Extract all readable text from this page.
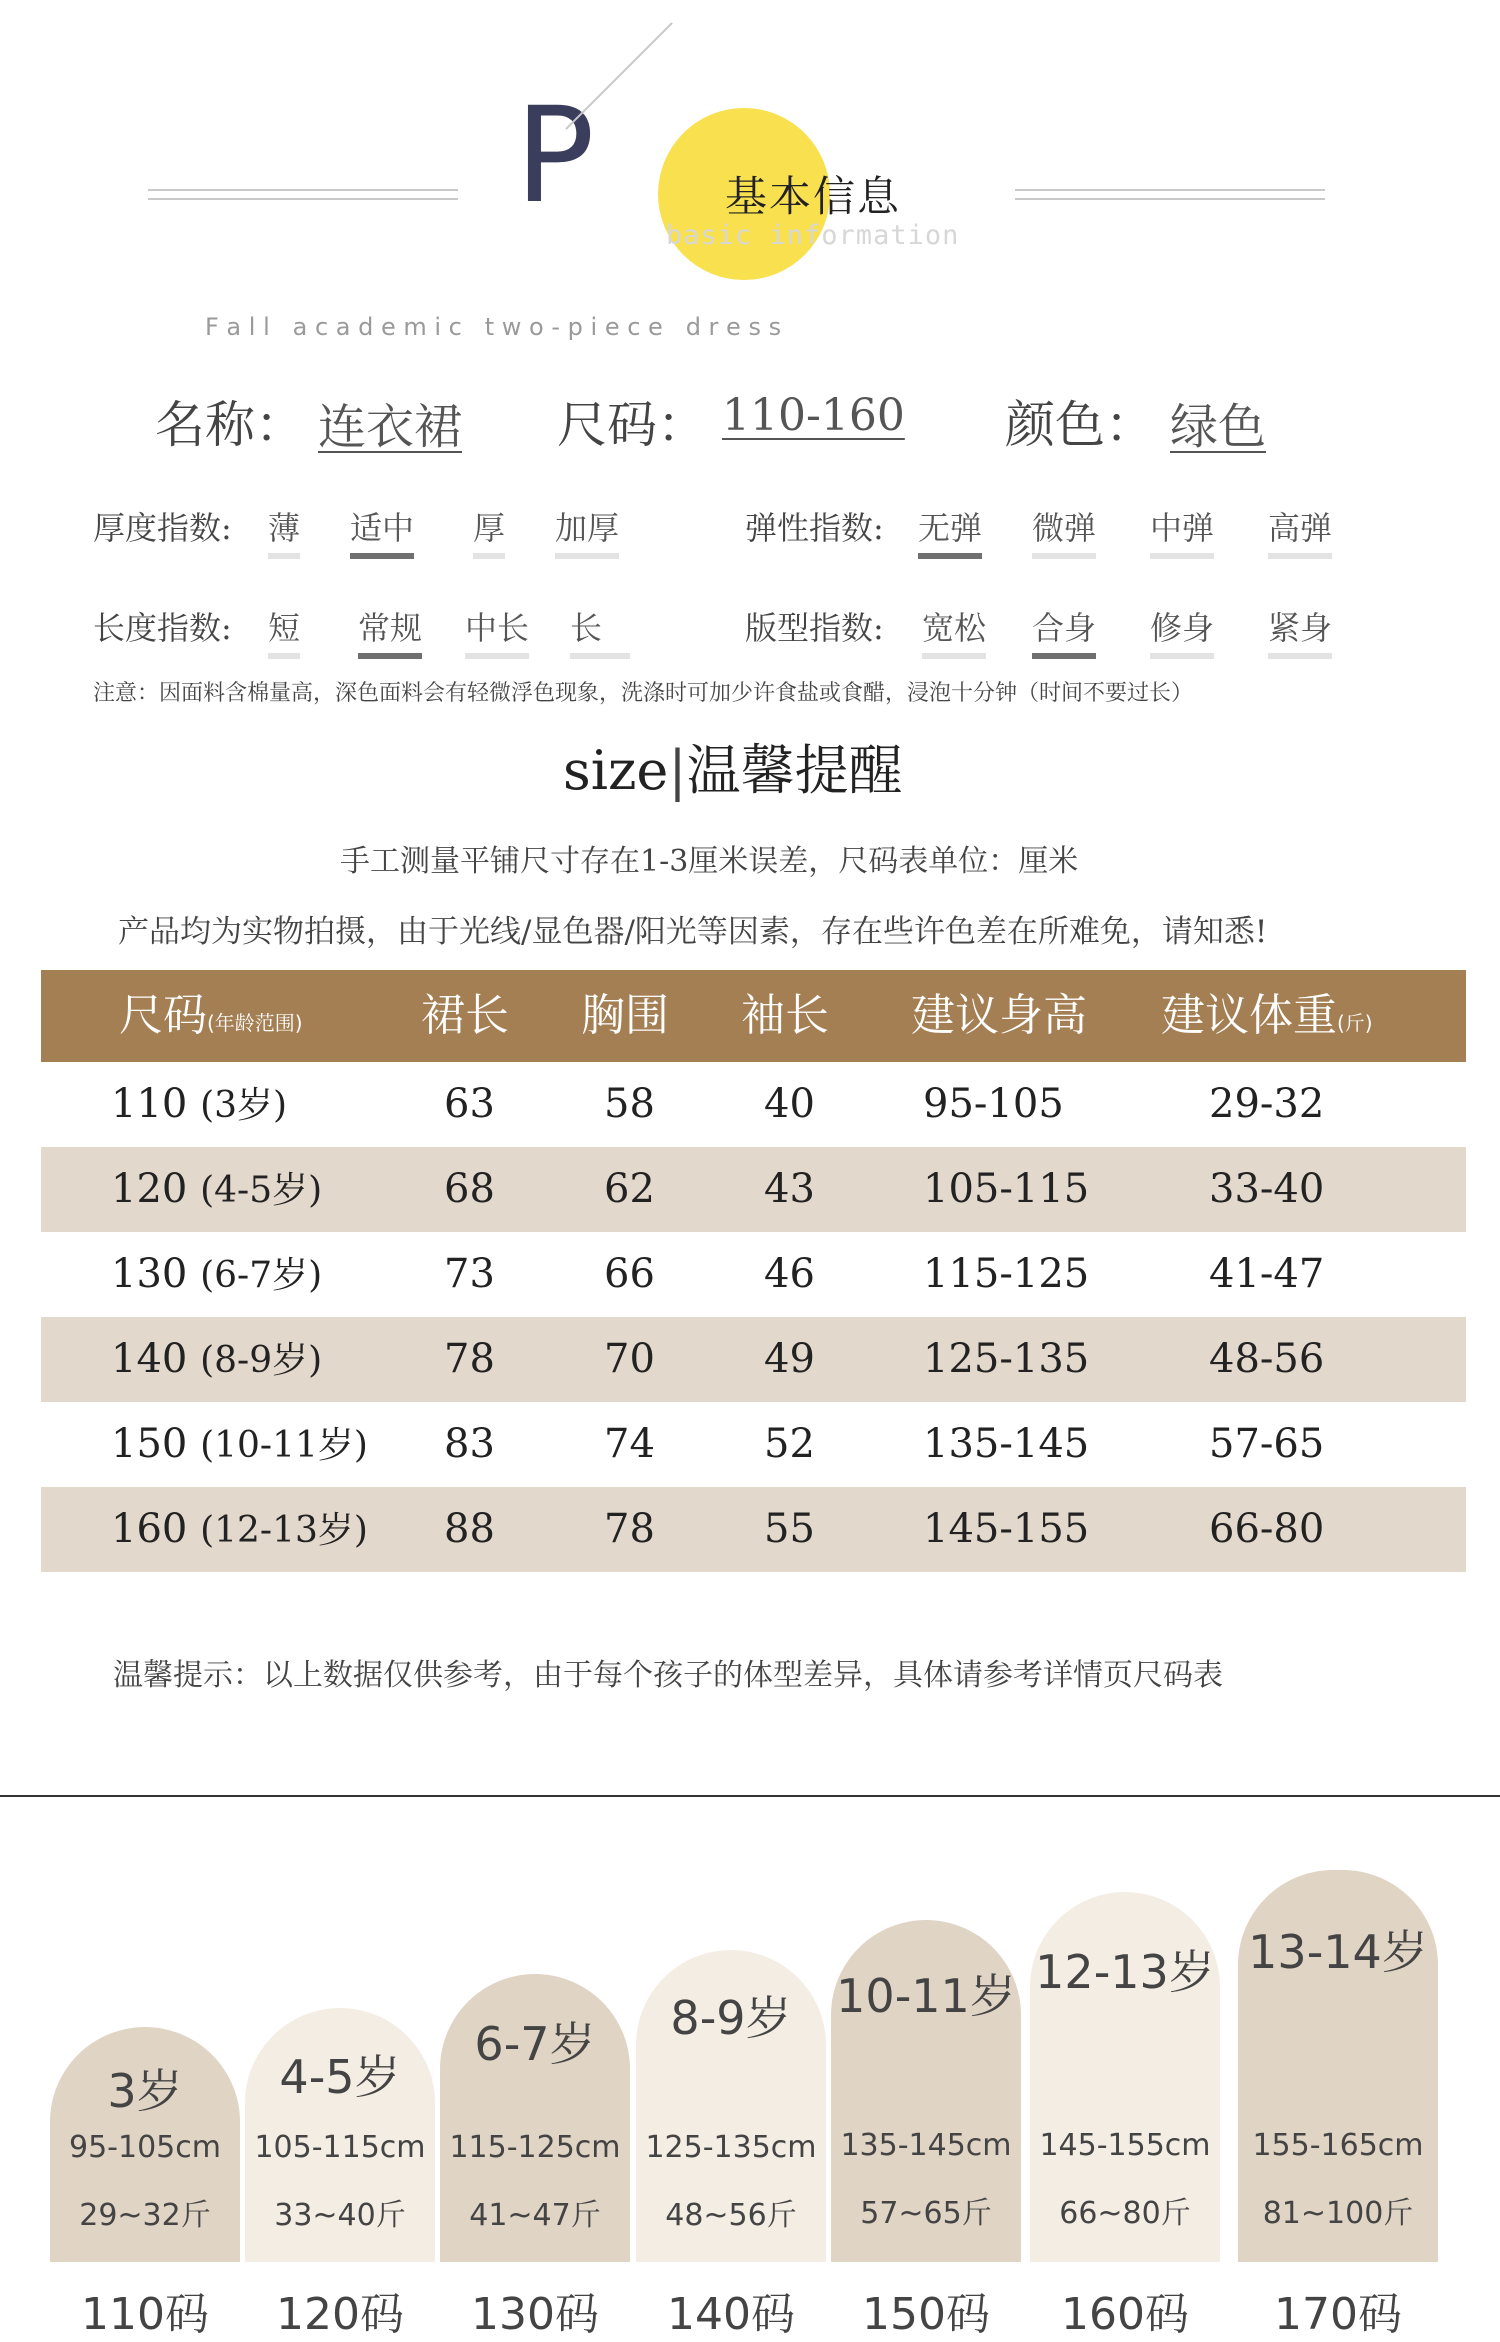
P	基本信息
basic information
F a l l   a c a d e m i c   t w o - p i e c e   d r e s s
名称： 连衣裙 尺码： 110-160 颜色： 绿色
厚度指数: 薄 适中 厚 加厚	弹性指数: 无弹 微弹 中弹 高弹
长度指数: 短 常规 中长 长	版型指数: 宽松 合身 修身 紧身
注意：因面料含棉量高，深色面料会有轻微浮色现象，洗涤时可加少许食盐或食醋，浸泡十分钟（时间不要过长）
size|温馨提醒
手工测量平铺尺寸存在1-3厘米误差，尺码表单位：厘米
产品均为实物拍摄，由于光线/显色器/阳光等因素，存在些许色差在所难免，请知悉!
尺码(年龄范围)	裙长 胸围 袖长 建议身高 建议体重(斤)
110 (3岁)	63	58	40	95-105	29-32
120 (4-5岁)	68	62	43	105-115	33-40
130 (6-7岁)	73	66	46	115-125	41-47
140 (8-9岁)	78	70	49	125-135	48-56
150 (10-11岁) 83	74	52	135-145	57-65
160 (12-13岁) 88	78	55	145-155	66-80
温馨提示：以上数据仅供参考，由于每个孩子的体型差异，具体请参考详情页尺码表
3岁
95-105cm
29~32斤
4-5岁
105-115cm
33~40斤
6-7岁
115-125cm
41~47斤
8-9岁
125-135cm
48~56斤
10-11岁
135-145cm
57~65斤
12-13岁
145-155cm
66~80斤
13-14岁
155-165cm
81~100斤
110码	120码	130码	140码	150码	160码	170码
